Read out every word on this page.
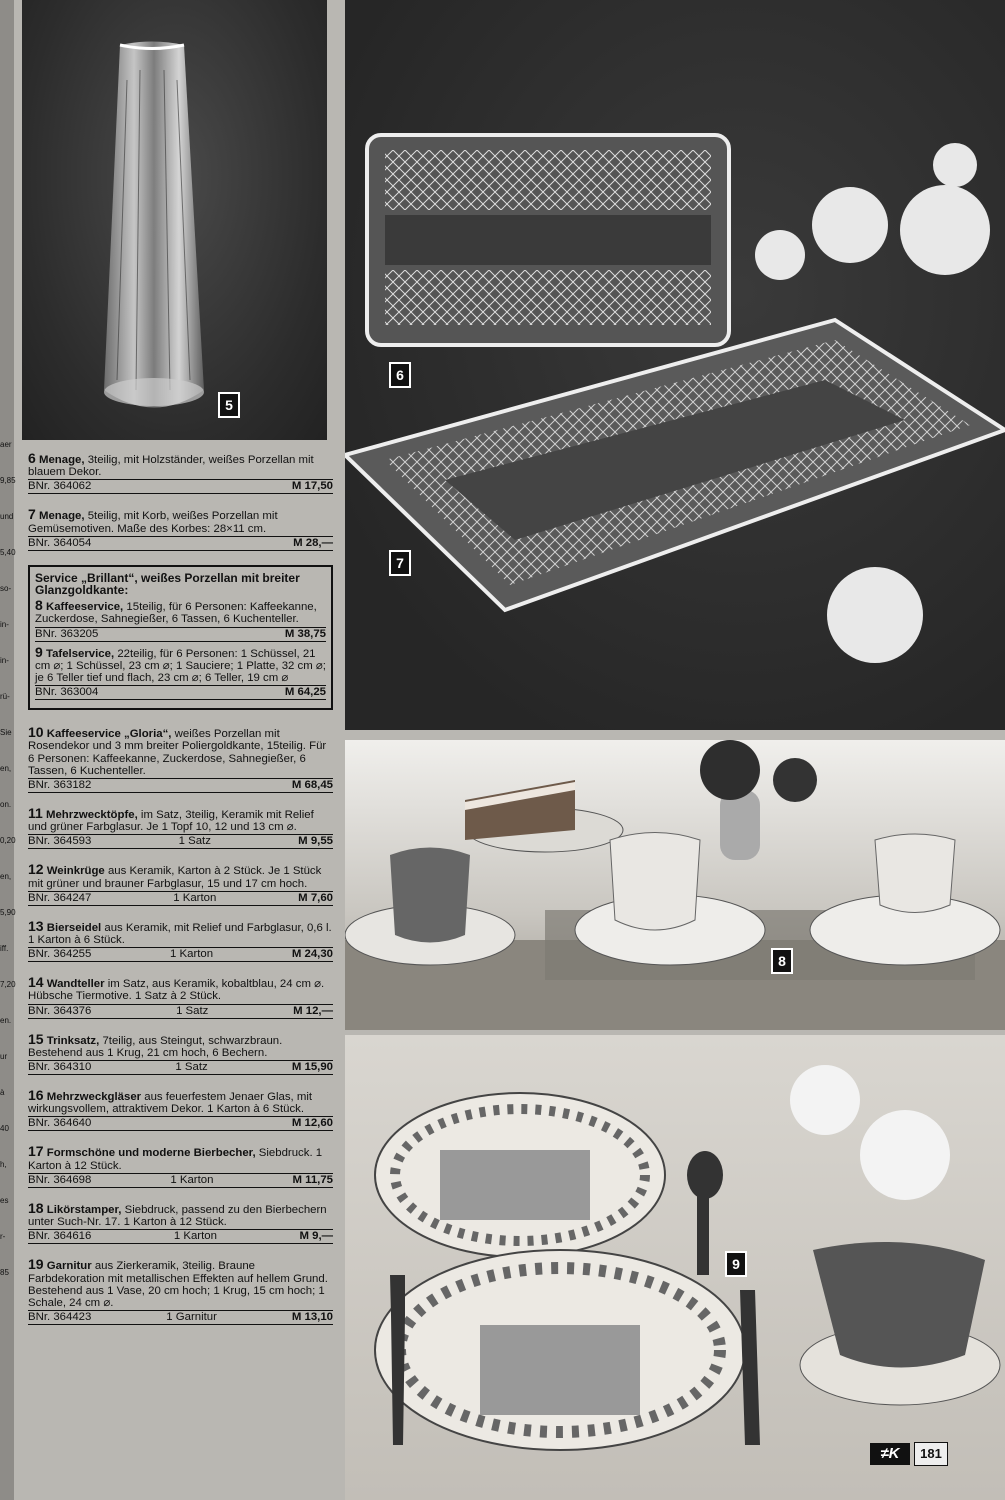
aer
9,85
und
5,40
so-
in-
in-
rü-
Sie
en,
on.
0,20
en,
5,90
iff.
7,20
en.
ur
à
40
h,
es
r-
85
5
6
7
8
9

6 Menage, 3teilig, mit Holzständer, weißes Porzellan mit blauem Dekor.

BNr. 364062	M 17,50

7 Menage, 5teilig, mit Korb, weißes Porzellan mit Gemüsemotiven. Maße des Korbes: 28×11 cm.

BNr. 364054	M 28,—
Service „Brillant“, weißes Porzellan mit breiter Glanzgoldkante:

8 Kaffeeservice, 15teilig, für 6 Personen: Kaffeekanne, Zuckerdose, Sahnegießer, 6 Tassen, 6 Kuchenteller.

BNr. 363205	M 38,75

9 Tafelservice, 22teilig, für 6 Personen: 1 Schüssel, 21 cm ⌀; 1 Schüssel, 23 cm ⌀; 1 Sauciere; 1 Platte, 32 cm ⌀; je 6 Teller tief und flach, 23 cm ⌀; 6 Teller, 19 cm ⌀

BNr. 363004	M 64,25

10 Kaffeeservice „Gloria“, weißes Porzellan mit Rosendekor und 3 mm breiter Poliergoldkante, 15teilig. Für 6 Personen: Kaffeekanne, Zuckerdose, Sahnegießer, 6 Tassen, 6 Kuchenteller.

BNr. 363182	M 68,45

11 Mehrzwecktöpfe, im Satz, 3teilig, Keramik mit Relief und grüner Farbglasur. Je 1 Topf 10, 12 und 13 cm ⌀.

BNr. 364593	1 Satz	M 9,55

12 Weinkrüge aus Keramik, Karton à 2 Stück. Je 1 Stück mit grüner und brauner Farbglasur, 15 und 17 cm hoch.

BNr. 364247	1 Karton	M 7,60

13 Bierseidel aus Keramik, mit Relief und Farbglasur, 0,6 l. 1 Karton à 6 Stück.

BNr. 364255	1 Karton	M 24,30

14 Wandteller im Satz, aus Keramik, kobaltblau, 24 cm ⌀. Hübsche Tiermotive. 1 Satz à 2 Stück.

BNr. 364376	1 Satz	M 12,—

15 Trinksatz, 7teilig, aus Steingut, schwarzbraun. Bestehend aus 1 Krug, 21 cm hoch, 6 Bechern.

BNr. 364310	1 Satz	M 15,90

16 Mehrzweckgläser aus feuerfestem Jenaer Glas, mit wirkungsvollem, attraktivem Dekor. 1 Karton à 6 Stück.

BNr. 364640	M 12,60

17 Formschöne und moderne Bierbecher, Siebdruck. 1 Karton à 12 Stück.

BNr. 364698	1 Karton	M 11,75

18 Likörstamper, Siebdruck, passend zu den Bierbechern unter Such-Nr. 17. 1 Karton à 12 Stück.

BNr. 364616	1 Karton	M 9,—

19 Garnitur aus Zierkeramik, 3teilig. Braune Farbdekoration mit metallischen Effekten auf hellem Grund. Bestehend aus 1 Vase, 20 cm hoch; 1 Krug, 15 cm hoch; 1 Schale, 24 cm ⌀.

BNr. 364423	1 Garnitur	M 13,10
≠K	181
